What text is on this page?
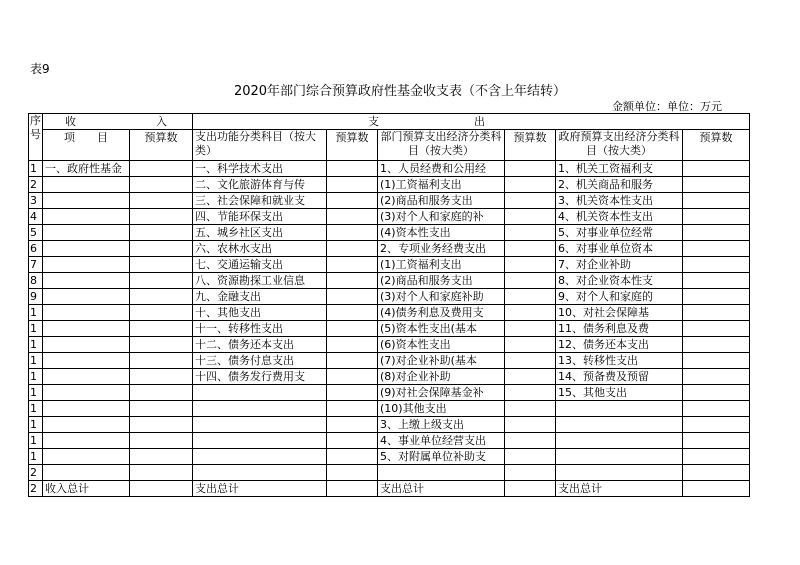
表9
2020年部门综合预算政府性基金收支表（不含上年结转）
金额单位：单位：万元
序号	收 入		支 出					
	项　　目	预算数	支出功能分类科目（按大类）	预算数	部门预算支出经济分类科目（按大类）	预算数	政府预算支出经济分类科目（按大类）	预算数
1	一、政府性基金		一、科学技术支出		1、人员经费和公用经		1、机关工资福利支	
2			二、文化旅游体育与传		(1)工资福利支出		2、机关商品和服务	
3			三、社会保障和就业支		(2)商品和服务支出		3、机关资本性支出	
4			四、节能环保支出		(3)对个人和家庭的补		4、机关资本性支出	
5			五、城乡社区支出		(4)资本性支出		5、对事业单位经常	
6			六、农林水支出		2、专项业务经费支出		6、对事业单位资本	
7			七、交通运输支出		(1)工资福利支出		7、对企业补助	
8			八、资源勘探工业信息		(2)商品和服务支出		8、对企业资本性支	
9			九、金融支出		(3)对个人和家庭补助		9、对个人和家庭的	
1			十、其他支出		(4)债务利息及费用支		10、对社会保障基	
1			十一、转移性支出		(5)资本性支出(基本		11、债务利息及费	
1			十二、债务还本支出		(6)资本性支出		12、债务还本支出	
1			十三、债务付息支出		(7)对企业补助(基本		13、转移性支出	
1			十四、债务发行费用支		(8)对企业补助		14、预备费及预留	
1					(9)对社会保障基金补		15、其他支出	
1					(10)其他支出			
1					3、上缴上级支出			
1					4、事业单位经营支出			
1					5、对附属单位补助支			
2								
2	收入总计		支出总计		支出总计		支出总计	
